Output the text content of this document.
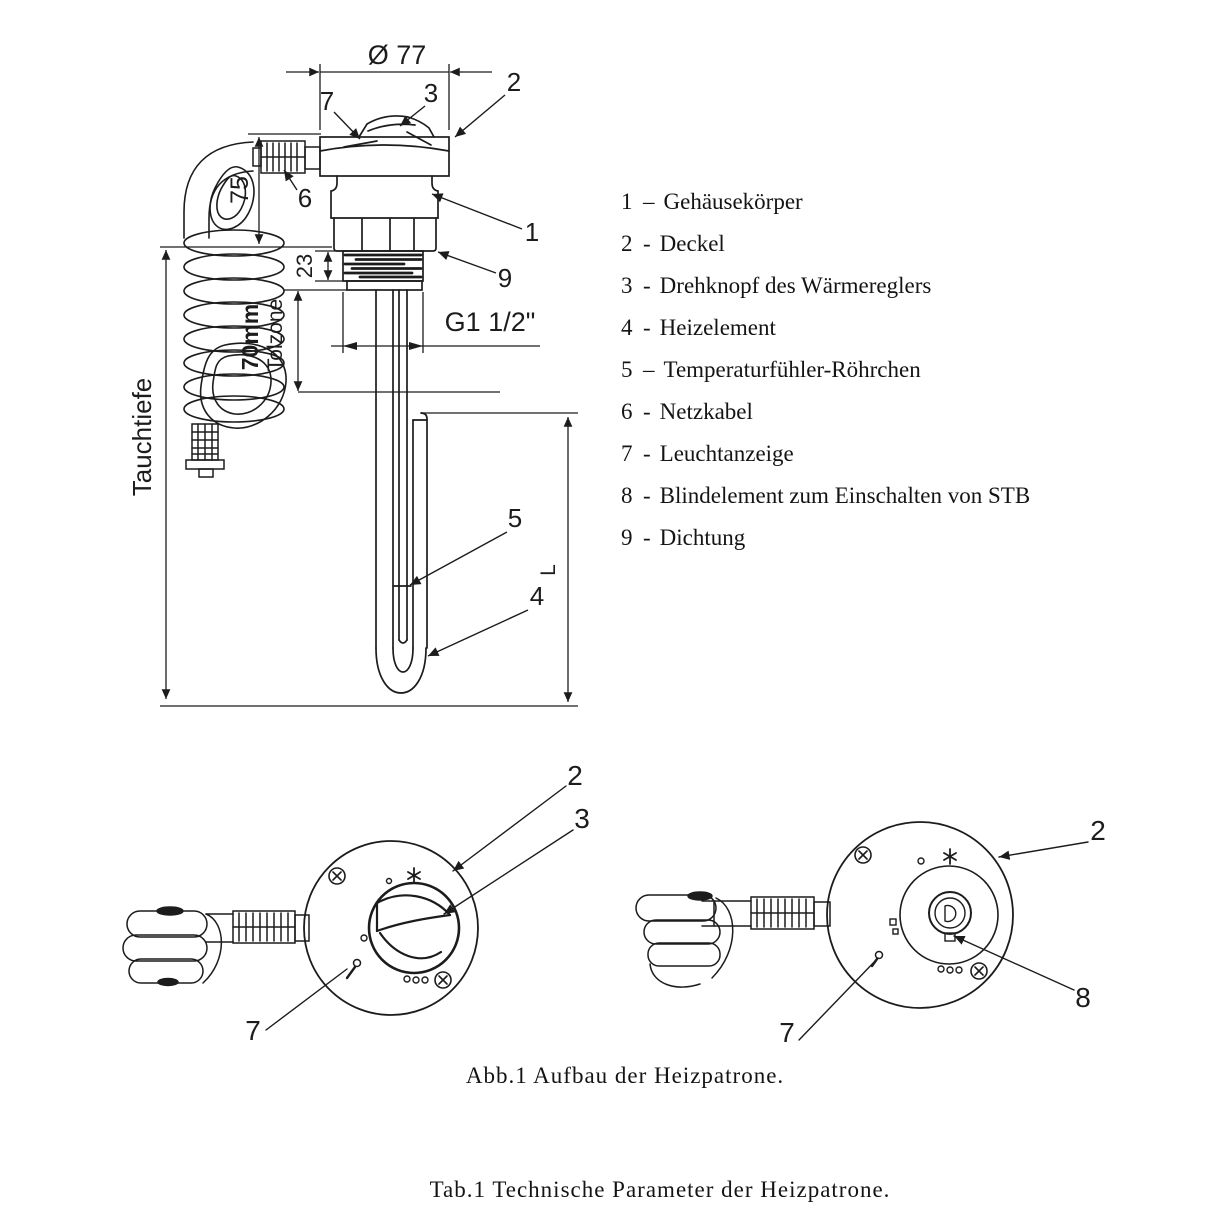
Ø 77
75
Tauchtiefe
23
70mm Tolzone	G1 1/2"
L
7	3	2
6
1
9
5
4
2
3
7
2
8
7
1 – Gehäusekörper
2 - Deckel
3 - Drehknopf des Wärmereglers
4 - Heizelement
5 – Temperaturfühler-Röhrchen
6 - Netzkabel
7 - Leuchtanzeige
8 - Blindelement zum Einschalten von STB
9 - Dichtung
Abb.1 Aufbau der Heizpatrone.
Tab.1 Technische Parameter der Heizpatrone.
